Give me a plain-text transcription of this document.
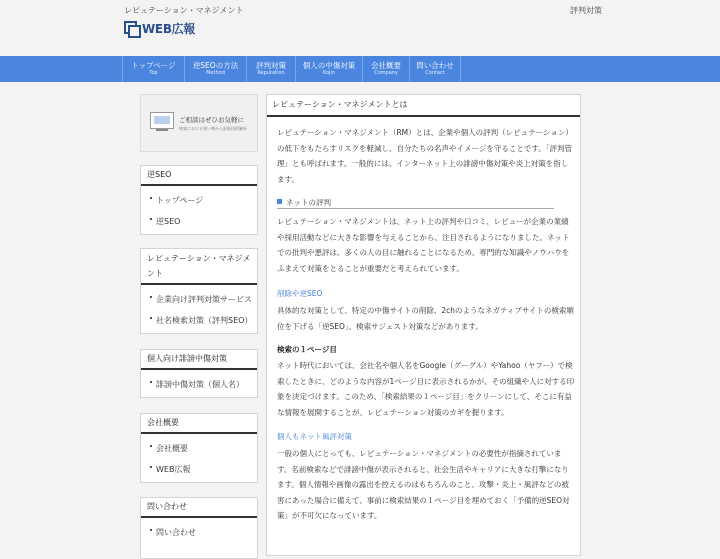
レピュテーション・マネジメント	評判対策
WEB広報
トップページ
Top
逆SEOの方法
Method
評判対策
Reputation
個人の中傷対策
Kojin
会社概要
Company
問い合わせ
Contact
ご相談はぜひお気軽に
検索における悪い噂から最新技術解析
逆SEO
トップページ
逆SEO
レピュテーション・マネジメント
企業向け評判対策サービス
社名検索対策（評判SEO）
個人向け誹謗中傷対策
誹謗中傷対策（個人名）
会社概要
会社概要
WEB広報
問い合わせ
問い合わせ
レピュテーション・マネジメントとは

レピュテーション・マネジメント（RM）とは、企業や個人の評判（レピュテーション）の低下をもたらすリスクを軽減し、自分たちの名声やイメージを守ることです。「評判管理」とも呼ばれます。一般的には、インターネット上の誹謗中傷対策や炎上対策を指します。

ネットの評判

レピュテーション・マネジメントは、ネット上の評判や口コミ、レビューが企業の業績や採用活動などに大きな影響を与えることから、注目されるようになりました。ネットでの批判や悪評は、多くの人の目に触れることになるため、専門的な知識やノウハウをふまえて対策をとることが重要だと考えられています。

削除や逆SEO

具体的な対策として、特定の中傷サイトの削除、2chのようなネガティブサイトの検索順位を下げる「逆SEO」、検索サジェスト対策などがあります。

検索の１ページ目

ネット時代においては、会社名や個人名をGoogle（グーグル）やYahoo（ヤフー）で検索したときに、どのような内容が1ページ目に表示されるかが、その組織や人に対する印象を決定づけます。このため、「検索結果の１ページ目」をクリーンにして、そこに有益な情報を展開することが、レピュテーション対策のカギを握ります。

個人もネット風評対策

一般の個人にとっても、レピュテーション・マネジメントの必要性が指摘されています。名前検索などで誹謗中傷が表示されると、社会生活やキャリアに大きな打撃になります。個人情報や画像の露出を控えるのはもちろんのこと、攻撃・炎上・風評などの被害にあった場合に備えて、事前に検索結果の１ページ目を埋めておく「予備的逆SEO対策」が不可欠になっています。
